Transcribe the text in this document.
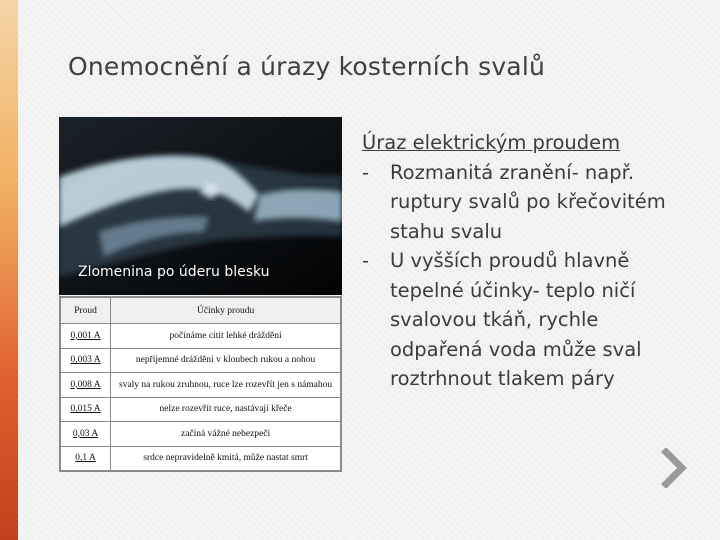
Onemocnění a úrazy kosterních svalů
Zlomenina po úderu blesku
Proud	Účinky proudu
0,001 A	počínáme cítit lehké dráždění
0,003 A	nepříjemné dráždění v kloubech rukou a nohou
0,008 A	svaly na rukou zruhnou, ruce lze rozevřít jen s námahou
0,015 A	nelze rozevřít ruce, nastávají křeče
0,03 A	začíná vážné nebezpečí
0,1 A	srdce nepravidelně kmitá, může nastat smrt

Úraz elektrickým proudem

- Rozmanitá zranění- např.
ruptury svalů po křečovitém
stahu svalu

- U vyšších proudů hlavně
tepelné účinky- teplo ničí
svalovou tkáň, rychle
odpařená voda může sval
roztrhnout tlakem páry
